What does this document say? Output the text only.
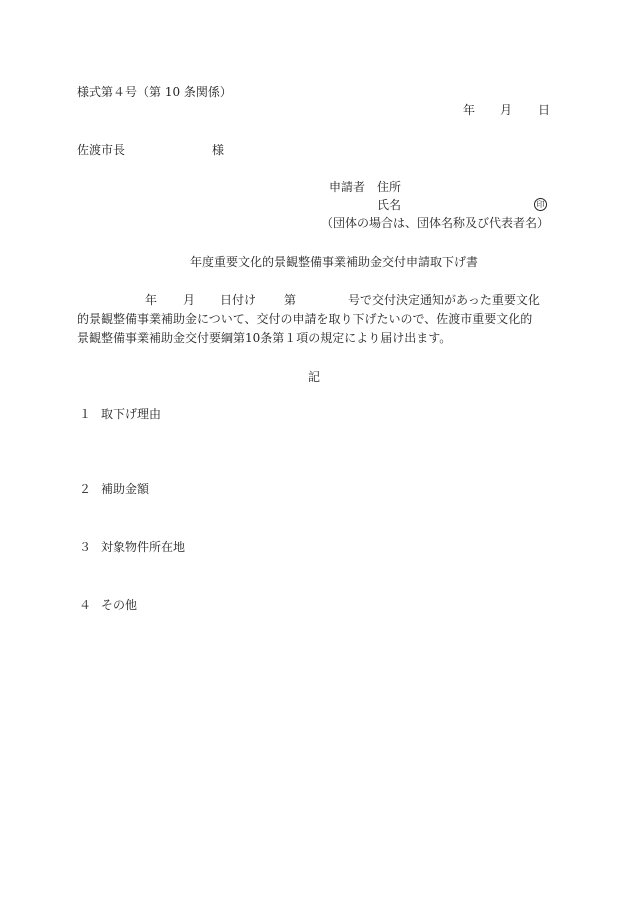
様式第４号（第 10 条関係）
年 月 日
佐渡市長	様
申請者 住所
氏名	印
（団体の場合は、団体名称及び代表者名）
年度重要文化的景観整備事業補助金交付申請取下げ書
年 月 日付け 第	号で交付決定通知があった重要文化
的景観整備事業補助金について、交付の申請を取り下げたいので、佐渡市重要文化的
景観整備事業補助金交付要綱第10条第１項の規定により届け出ます。
記
１ 取下げ理由
２ 補助金額
３ 対象物件所在地
４ その他
